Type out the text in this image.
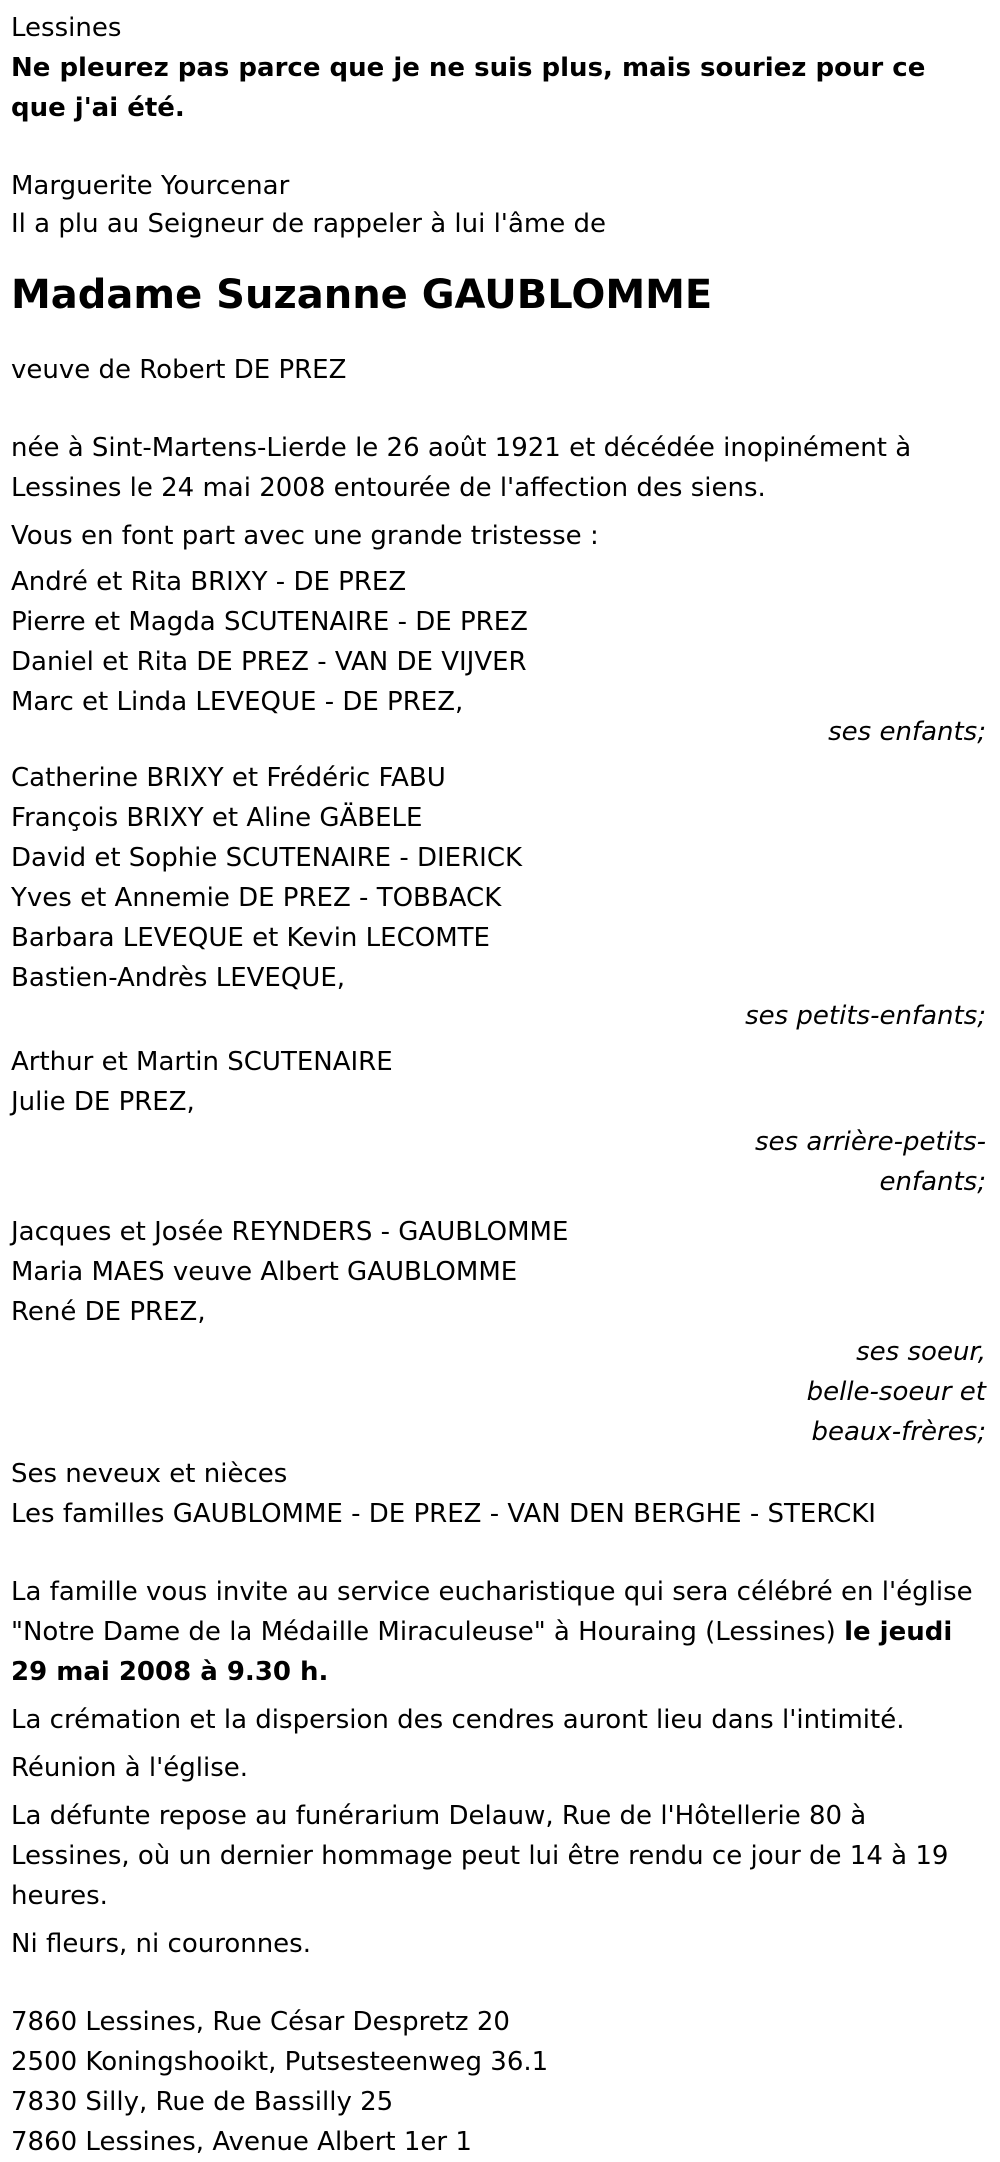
Lessines

Ne pleurez pas parce que je ne suis plus, mais souriez pour ce que j'ai été.

Marguerite Yourcenar

Il a plu au Seigneur de rappeler à lui l'âme de

Madame Suzanne GAUBLOMME

veuve de Robert DE PREZ

née à Sint-Martens-Lierde le 26 août 1921 et décédée inopinément à Lessines le 24 mai 2008 entourée de l'affection des siens.

Vous en font part avec une grande tristesse :

André et Rita BRIXY - DE PREZ

Pierre et Magda SCUTENAIRE - DE PREZ

Daniel et Rita DE PREZ - VAN DE VIJVER

Marc et Linda LEVEQUE - DE PREZ,

ses enfants;

Catherine BRIXY et Frédéric FABU

François BRIXY et Aline GÄBELE

David et Sophie SCUTENAIRE - DIERICK

Yves et Annemie DE PREZ - TOBBACK

Barbara LEVEQUE et Kevin LECOMTE

Bastien-Andrès LEVEQUE,

ses petits-enfants;

Arthur et Martin SCUTENAIRE

Julie DE PREZ,

ses arrière-petits-

enfants;

Jacques et Josée REYNDERS - GAUBLOMME

Maria MAES veuve Albert GAUBLOMME

René DE PREZ,

ses soeur,

belle-soeur et

beaux-frères;

Ses neveux et nièces

Les familles GAUBLOMME - DE PREZ - VAN DEN BERGHE - STERCKI

La famille vous invite au service eucharistique qui sera célébré en l'église "Notre Dame de la Médaille Miraculeuse" à Houraing (Lessines) le jeudi 29 mai 2008 à 9.30 h.

La crémation et la dispersion des cendres auront lieu dans l'intimité.

Réunion à l'église.

La défunte repose au funérarium Delauw, Rue de l'Hôtellerie 80 à Lessines, où un dernier hommage peut lui être rendu ce jour de 14 à 19 heures.

Ni fleurs, ni couronnes.

7860 Lessines, Rue César Despretz 20

2500 Koningshooikt, Putsesteenweg 36.1

7830 Silly, Rue de Bassilly 25

7860 Lessines, Avenue Albert 1er 1
